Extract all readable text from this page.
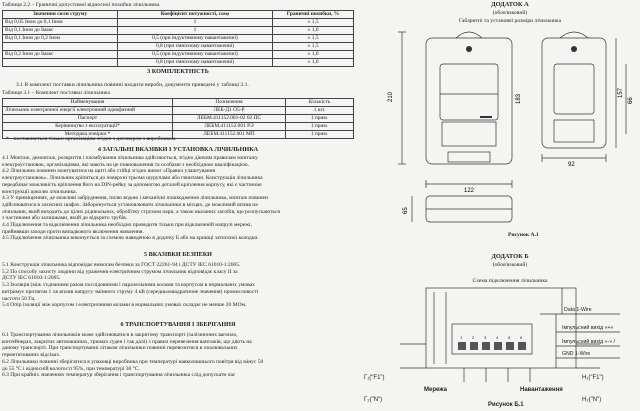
Таблиця 2.2 – Граничні допустимої відносної похибки лічильника
Значення сили струму	Коефіцієнт потужності, cosφ	Граничні похибки, %
Від 0,05 Iном до 0,1 Iном	1	± 1,5
Від 0,1 Iном до Iмакс	1	± 1,0
Від 0,1 Iном до 0,2 Iном	0,5 (при індуктивному навантаженні)	± 1,5
	0,8 (при ємнісному навантаженні)	± 1,5
Від 0,2 Iном до Iмакс	0,5 (при індуктивному навантаженні)	± 1,0
	0,8 (при ємнісному навантаженні)	± 1,0
3 КОМПЛЕКТНІСТЬ
3.1 В комплект поставки лічильника повинні входити вироби, документи приведені у таблиці 3.1.
Таблиця 3.1 – Комплект поставки лічильника
Найменування	Позначення	Кількість
Лічильник електричної енергії електронний однофазний	ЛЕБ-Д1 О5-Р	1 шт.
Паспорт	ЛЕБМ.411152.001-02 02 ПС	1 прим.
Керівництво з експлуатації*	ЛЕБМ.411152.001 РЭ	1 прим.
Методика повірки *	ЛЕБМ.411152.001 МП	1 прим.
* - поставляється тільки організаціям згідно з договором з виробником.
4 ЗАГАЛЬНІ ВКАЗІВКИ І УСТАНОВКА ЛІЧИЛЬНИКА
4.1 Монтаж, демонтаж, розкриття і пломбування лічильника здійснюється, згідно діючим правилам монтажу
електроустановок, організаціями, які мають на це повноваження та особами з необхідною кваліфікацією.
4.2 Лічильник повинен монтуватися на щиті або стійці згідно вимог «Правил улаштування
електроустановок». Лічильник кріпиться до поверхні трьома шурупами або гвинтами. Конструкція лічильника
передбачає можливість кріплення його на DIN-рейку за допомогою деталей кріплення корпусу, які є частиною
конструкції цоколю лічильника.
4.3 У приміщеннях, де можливі забруднення, пилю водою і механічні пошкодження лічильника, монтаж повинен
здійснюватися в захисних шафах. Заборонується установлювати лічильники в місцях, де можливий вплив на
лічильник, який виходить до цілих ріднеальних, обробітку струмом пари, а також вказаних засобів, що розпускаються
з частинами або залишками, який до відкрито трубів.
4.4 Підключення та відключення лічильника необхідно проводити тільки при відключеній напрузі мережі,
прийнявши заходи проти випадкового включення живлення.
4.5 Підключення лічильника виконується за схемою наведеною в додатку Б або на кришці затискної колодки.
5 ВКАЗІВКИ БЕЗПЕКИ
5.1 Конструкція лічильника відповідає вимогам безпеки за ГОСТ 22261-94 і ДСТУ ІЕС 61010-1:2005.
5.2 По способу захисту людини від ураження електричним струмом лічильник відповідає класу II за
ДСТУ ІЕС 61010-1:2005.
5.3 Ізоляція (між з'єднаними разом послідовними і паралельними колами та корпусом в нормальних умовах
витримує протягом 1 хв вплив напругу змінного струму 4 кВ (середньоквадратичне значення) промисловості
частоти 50 Гц.
5.4 Опір ізоляції між корпусом і електричними колами в нормальних умовах складає не менше 20 МОм.
6 ТРАНСПОРТУВАННЯ І ЗБЕРІГАННЯ
6.1 Транспортування лічильників може здійснюватися в закритому транспорті (залізничних вагонах,
контейнерах, закритих автомашинах, трюмах суден і так далі) з правил перевезення вантажів, що діють на
даному транспорті. При транспортуванні літаком лічильники повинні перевозитися в опалювальних
герметизованих відсіках.
6.2 Лічильники повинні зберігатися в упаковці виробника при температурі навколишнього повітря від мінус 50
до 55 °С і відносній вологості 95%, при температурі 30 °С.
6.3 При крайніх значеннях температур зберігання і транспортування лічильника слід допускати час
ДОДАТОК А
(обов'язковий)
Габаритні та установчі розміри лічильника
210	183
157
66
122
92
65
Рисунок А.1
ДОДАТОК Б
(обов'язковий)
Схема підключення лічильника
1 2 3 4 5 6
Data 1-Wire
Імпульсний вихід «+»
Імпульсний вихід «-» /
GND 1-Wire
Г₁("F1")	Н₁("F1")
Мережа	Навантаження
Г₂("N")	Н₂("N")
Рисунок Б.1
